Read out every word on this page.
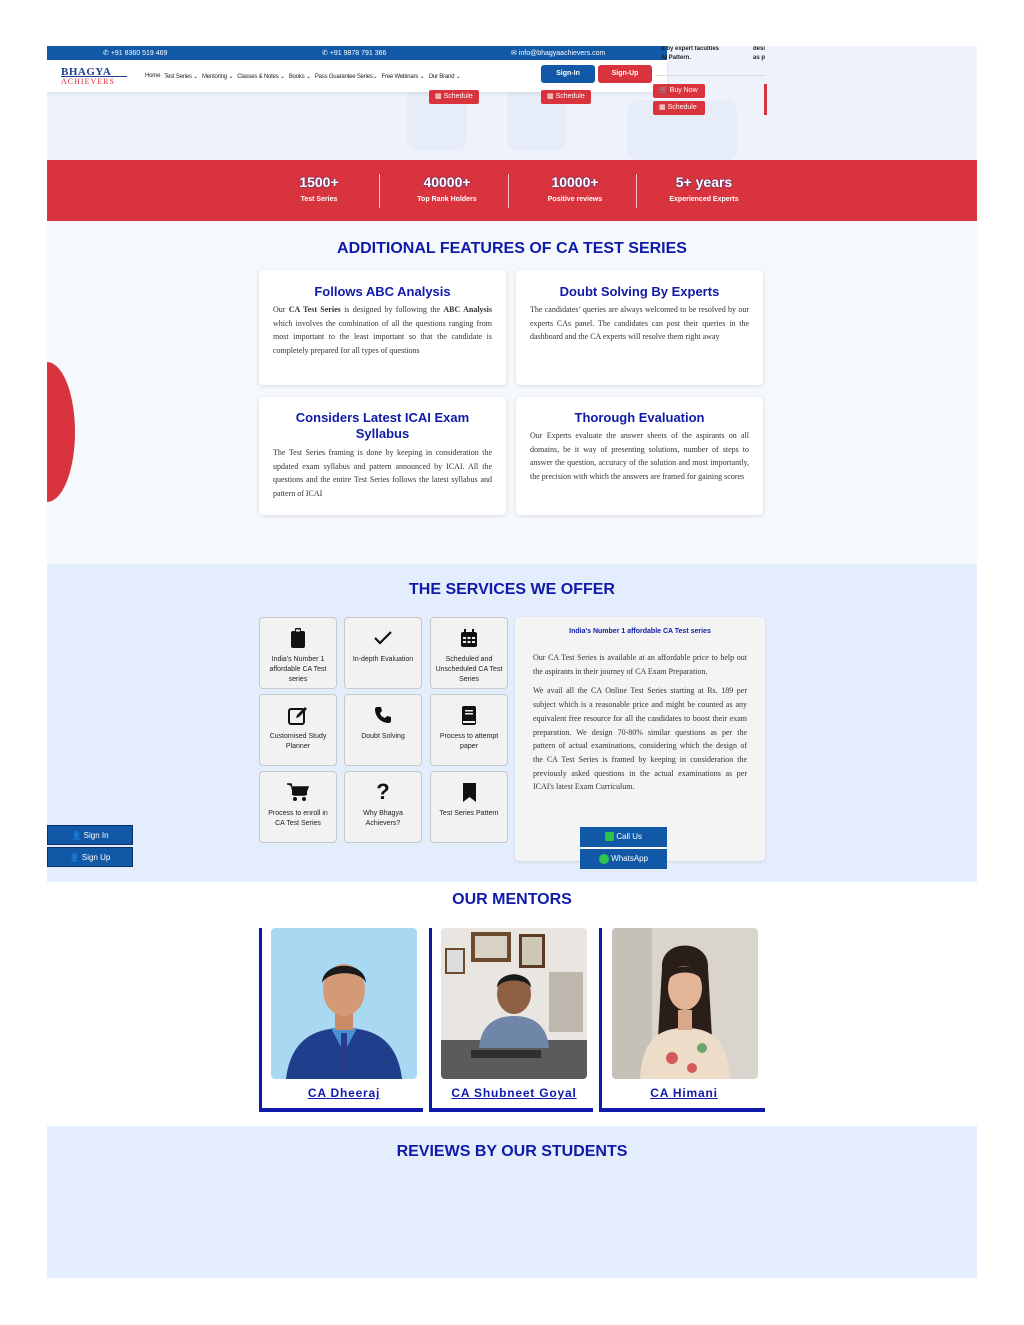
✆ +91 8360 519 469	✆ +91 9878 791 366	✉ info@bhagyaachievers.com
BHAGYA
ACHIEVERS
Home Test Series ⌄ Mentoring ⌄ Classes & Notes ⌄ Books ⌄ Pass Guarantee Series⌄ Free Webinars ⌄ Our Brand ⌄	Sign-In	Sign-Up
d by expert faculties
AI Pattern.
desi
as p
▦ Schedule	▦ Schedule
🛒 Buy Now
▦ Schedule
1500+
Test Series
40000+
Top Rank Holders
10000+
Positive reviews
5+ years
Experienced Experts
ADDITIONAL FEATURES OF CA TEST SERIES
Follows ABC Analysis

Our CA Test Series is designed by following the ABC Analysis which involves the combination of all the questions ranging from most important to the least important so that the candidate is completely prepared for all types of questions

Doubt Solving By Experts

The candidates’ queries are always welcomed to be resolved by our experts CAs panel. The candidates can post their queries in the dashboard and the CA experts will resolve them right away

Considers Latest ICAI Exam Syllabus

The Test Series framing is done by keeping in consideration the updated exam syllabus and pattern announced by ICAI. All the questions and the entire Test Series follows the latest syllabus and pattern of ICAI

Thorough Evaluation

Our Experts evaluate the answer sheets of the aspirants on all domains, be it way of presenting solutions, number of steps to answer the question, accuracy of the solution and most importantly, the precision with which the answers are framed for gaining scores

THE SERVICES WE OFFER
India's Number 1 affordable CA Test series
In-depth Evaluation	Scheduled and Unscheduled CA Test Series
Customised Study Planner
Doubt Solving	Process to attempt paper
Process to enroll in CA Test Series
?
Why Bhagya Achievers?
Test Series Pattern
India's Number 1 affordable CA Test series

Our CA Test Series is available at an affordable price to help out the aspirants in their journey of CA Exam Preparation.

We avail all the CA Online Test Series starting at Rs. 189 per subject which is a reasonable price and might be counted as any equivalent free resource for all the candidates to boost their exam preparation. We design 70-80% similar questions as per the pattern of actual examinations, considering which the design of the CA Test Series is framed by keeping in consideration the previously asked questions in the actual examinations as per ICAI's latest Exam Curriculum.

👤 Sign In
👤 Sign Up
Call Us
WhatsApp
OUR MENTORS
CA Dheeraj	CA Shubneet Goyal	CA Himani
REVIEWS BY OUR STUDENTS
